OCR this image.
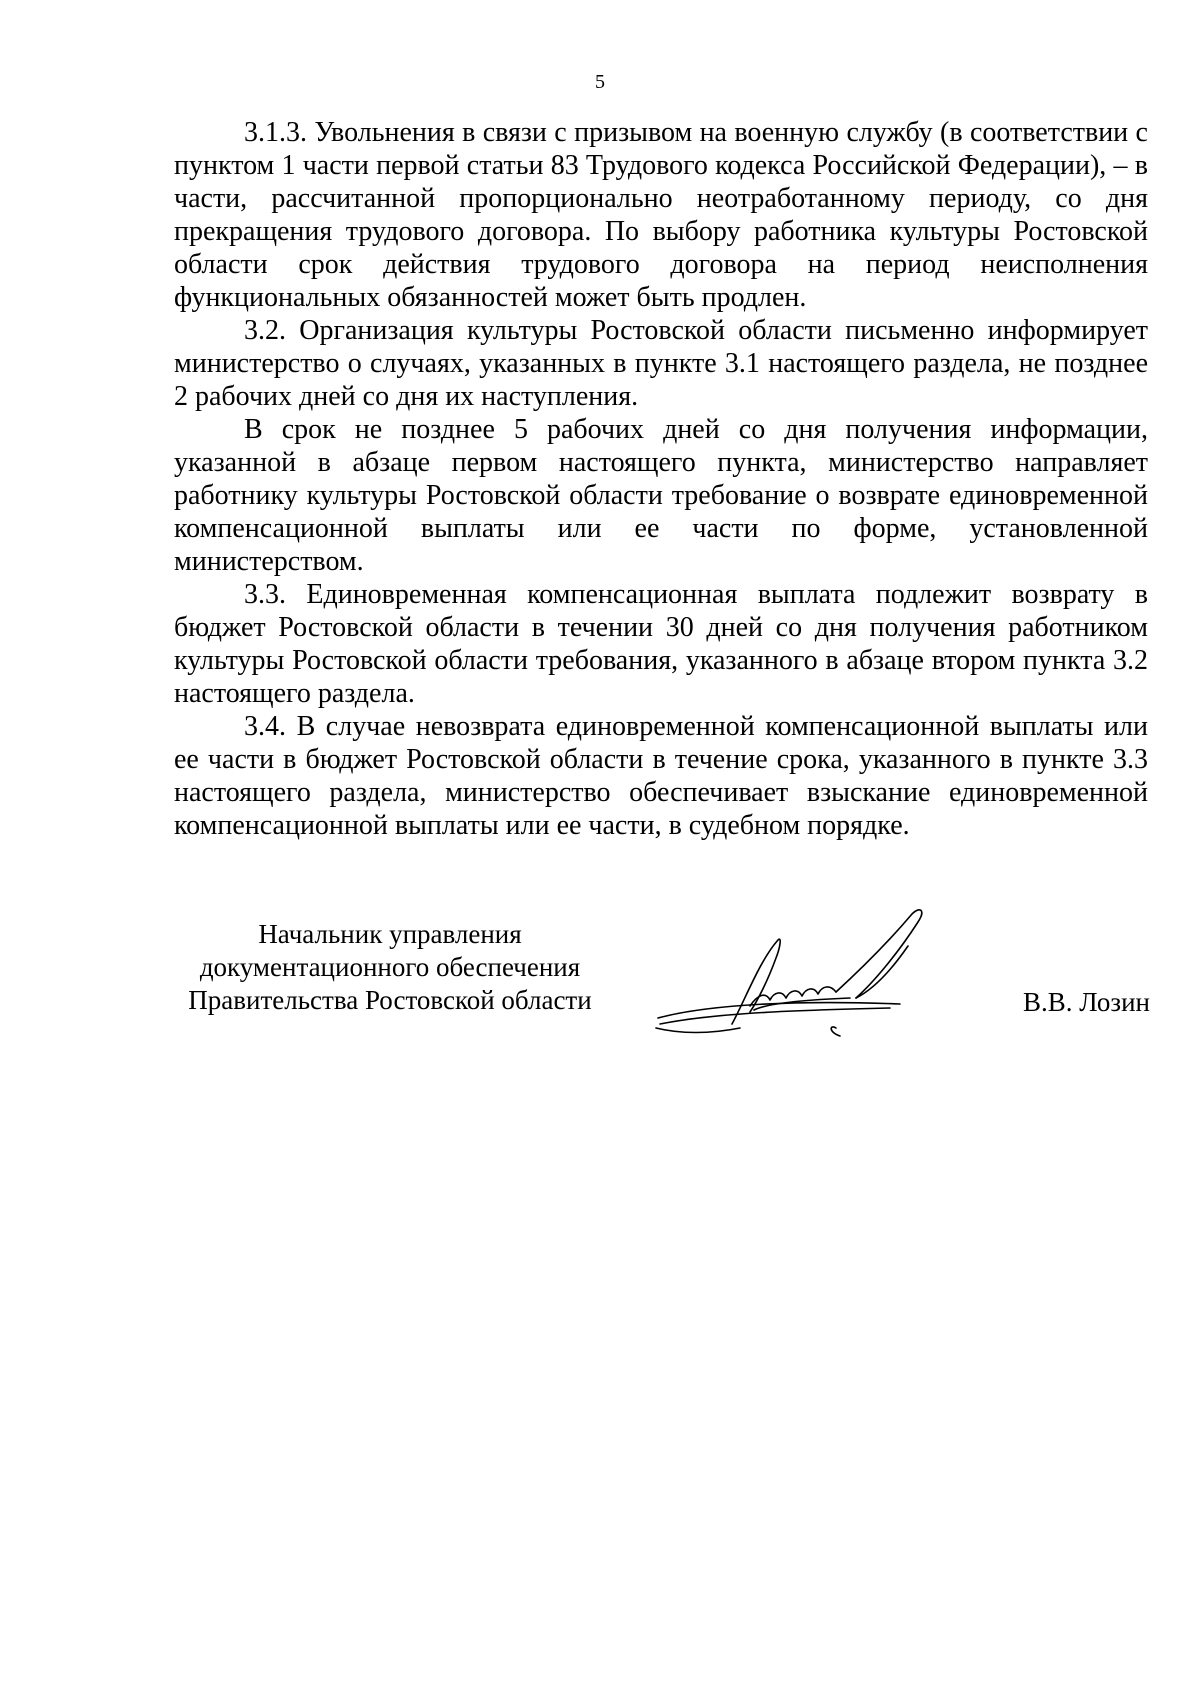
5

3.1.3. Увольнения в связи с призывом на военную службу (в соответствии с пунктом 1 части первой статьи 83 Трудового кодекса Российской Федерации), – в части, рассчитанной пропорционально неотработанному периоду, со дня прекращения трудового договора. По выбору работника культуры Ростовской области срок действия трудового договора на период неисполнения функциональных обязанностей может быть продлен.

3.2. Организация культуры Ростовской области письменно информирует министерство о случаях, указанных в пункте 3.1 настоящего раздела, не позднее 2 рабочих дней со дня их наступления.

В срок не позднее 5 рабочих дней со дня получения информации, указанной в абзаце первом настоящего пункта, министерство направляет работнику культуры Ростовской области требование о возврате единовременной компенсационной выплаты или ее части по форме, установленной министерством.

3.3. Единовременная компенсационная выплата подлежит возврату в бюджет Ростовской области в течении 30 дней со дня получения работником культуры Ростовской области требования, указанного в абзаце втором пункта 3.2 настоящего раздела.

3.4. В случае невозврата единовременной компенсационной выплаты или ее части в бюджет Ростовской области в течение срока, указанного в пункте 3.3 настоящего раздела, министерство обеспечивает взыскание единовременной компенсационной выплаты или ее части, в судебном порядке.

Начальник управления
документационного обеспечения
Правительства Ростовской области	В.В. Лозин
